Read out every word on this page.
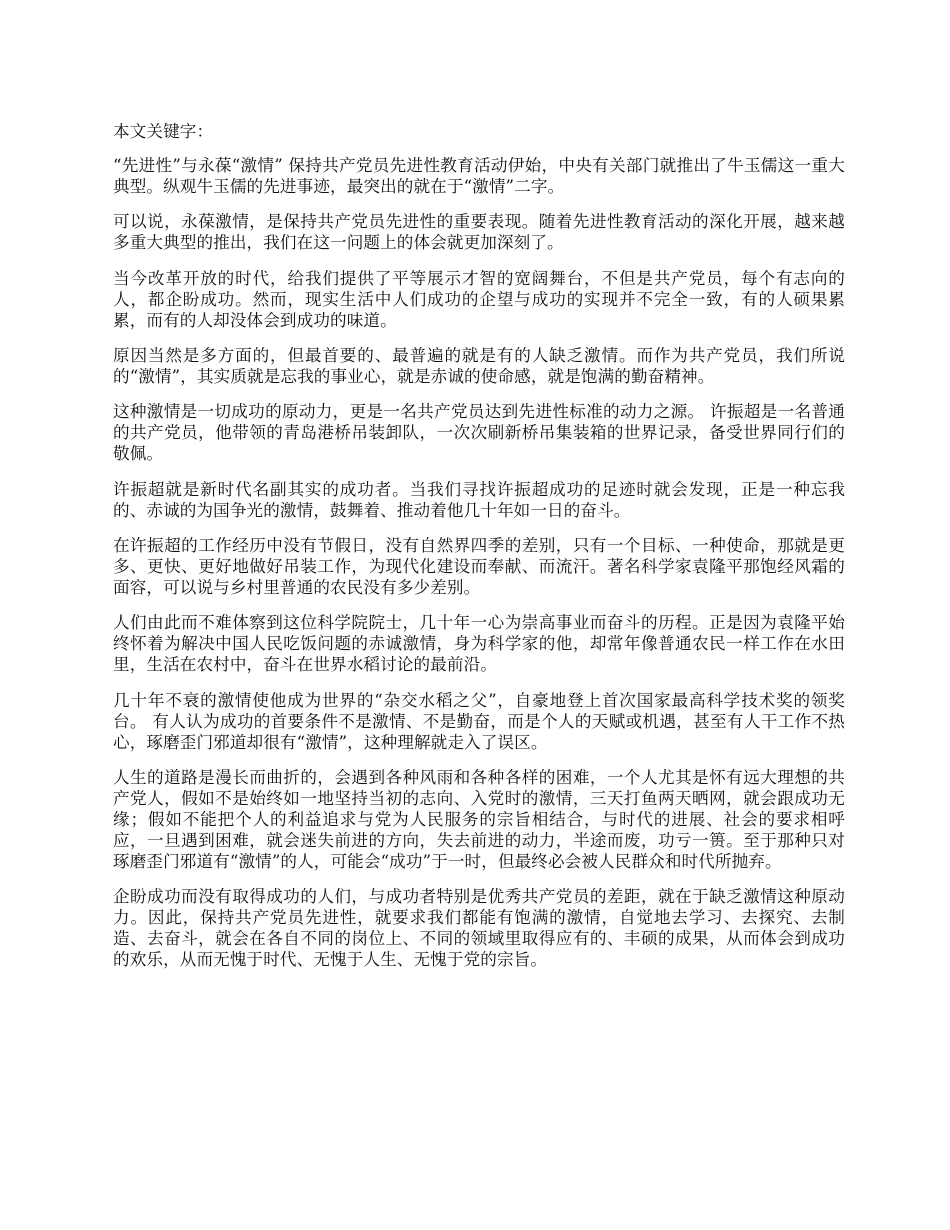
本文关键字：

“先进性”与永葆“激情” 保持共产党员先进性教育活动伊始，中央有关部门就推出了牛玉儒这一重大典型。纵观牛玉儒的先进事迹，最突出的就在于“激情”二字。

可以说，永葆激情，是保持共产党员先进性的重要表现。随着先进性教育活动的深化开展，越来越多重大典型的推出，我们在这一问题上的体会就更加深刻了。

当今改革开放的时代，给我们提供了平等展示才智的宽阔舞台，不但是共产党员，每个有志向的人，都企盼成功。然而，现实生活中人们成功的企望与成功的实现并不完全一致，有的人硕果累累，而有的人却没体会到成功的味道。

原因当然是多方面的，但最首要的、最普遍的就是有的人缺乏激情。而作为共产党员，我们所说的“激情”，其实质就是忘我的事业心，就是赤诚的使命感，就是饱满的勤奋精神。

这种激情是一切成功的原动力，更是一名共产党员达到先进性标准的动力之源。 许振超是一名普通的共产党员，他带领的青岛港桥吊装卸队，一次次刷新桥吊集装箱的世界记录，备受世界同行们的敬佩。

许振超就是新时代名副其实的成功者。当我们寻找许振超成功的足迹时就会发现，正是一种忘我的、赤诚的为国争光的激情，鼓舞着、推动着他几十年如一日的奋斗。

在许振超的工作经历中没有节假日，没有自然界四季的差别，只有一个目标、一种使命，那就是更多、更快、更好地做好吊装工作，为现代化建设而奉献、而流汗。著名科学家袁隆平那饱经风霜的面容，可以说与乡村里普通的农民没有多少差别。

人们由此而不难体察到这位科学院院士，几十年一心为崇高事业而奋斗的历程。正是因为袁隆平始终怀着为解决中国人民吃饭问题的赤诚激情，身为科学家的他，却常年像普通农民一样工作在水田里，生活在农村中，奋斗在世界水稻讨论的最前沿。

几十年不衰的激情使他成为世界的“杂交水稻之父”，自豪地登上首次国家最高科学技术奖的领奖台。 有人认为成功的首要条件不是激情、不是勤奋，而是个人的天赋或机遇，甚至有人干工作不热心，琢磨歪门邪道却很有“激情”，这种理解就走入了误区。

人生的道路是漫长而曲折的，会遇到各种风雨和各种各样的困难，一个人尤其是怀有远大理想的共产党人，假如不是始终如一地坚持当初的志向、入党时的激情，三天打鱼两天晒网，就会跟成功无缘；假如不能把个人的利益追求与党为人民服务的宗旨相结合，与时代的进展、社会的要求相呼应，一旦遇到困难，就会迷失前进的方向，失去前进的动力，半途而废，功亏一篑。至于那种只对琢磨歪门邪道有“激情”的人，可能会“成功”于一时，但最终必会被人民群众和时代所抛弃。

企盼成功而没有取得成功的人们，与成功者特别是优秀共产党员的差距，就在于缺乏激情这种原动力。因此，保持共产党员先进性，就要求我们都能有饱满的激情，自觉地去学习、去探究、去制造、去奋斗，就会在各自不同的岗位上、不同的领域里取得应有的、丰硕的成果，从而体会到成功的欢乐，从而无愧于时代、无愧于人生、无愧于党的宗旨。
